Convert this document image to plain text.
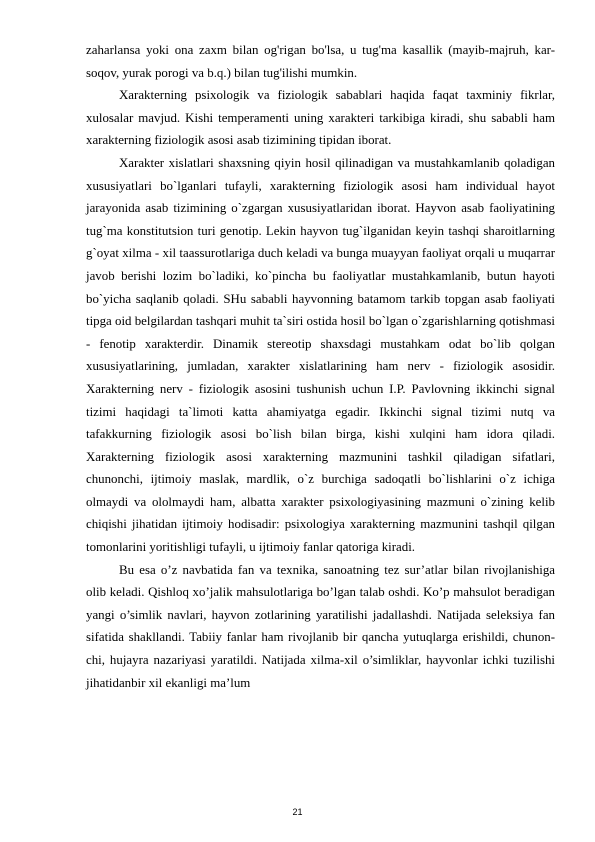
zaharlansa yoki ona zaxm bilan og'rigan bo'lsa, u tug'ma kasallik (mayib-majruh, kar-soqov, yurak porogi va b.q.) bilan tug'ilishi mumkin.

Xarakterning psixologik va fiziologik sabablari haqida faqat taxminiy fikrlar, xulosalar mavjud. Kishi temperamenti uning xarakteri tarkibiga kiradi, shu sababli ham xarakterning fiziologik asosi asab tizimining tipidan iborat.

Xarakter xislatlari shaxsning qiyin hosil qilinadigan va mustahkamlanib qoladigan xususiyatlari bo`lganlari tufayli, xarakterning fiziologik asosi ham individual hayot jarayonida asab tizimining o`zgargan xususiyatlaridan iborat. Hayvon asab faoliyatining tug`ma konstitutsion turi genotip. Lekin hayvon tug`ilganidan keyin tashqi sharoitlarning g`oyat xilma - xil taassurotlariga duch keladi va bunga muayyan faoliyat orqali u muqarrar javob berishi lozim bo`ladiki, ko`pincha bu faoliyatlar mustahkamlanib, butun hayoti bo`yicha saqlanib qoladi. SHu sababli hayvonning batamom tarkib topgan asab faoliyati tipga oid belgilardan tashqari muhit ta`siri ostida hosil bo`lgan o`zgarishlarning qotishmasi - fenotip xarakterdir. Dinamik stereotip shaxsdagi mustahkam odat bo`lib qolgan xususiyatlarining, jumladan, xarakter xislatlarining ham nerv - fiziologik asosidir. Xarakterning nerv - fiziologik asosini tushunish uchun I.P. Pavlovning ikkinchi signal tizimi haqidagi ta`limoti katta ahamiyatga egadir. Ikkinchi signal tizimi nutq va tafakkurning fiziologik asosi bo`lish bilan birga, kishi xulqini ham idora qiladi. Xarakterning fiziologik asosi xarakterning mazmunini tashkil qiladigan sifatlari, chunonchi, ijtimoiy maslak, mardlik, o`z burchiga sadoqatli bo`lishlarini o`z ichiga olmaydi va ololmaydi ham, albatta xarakter psixologiyasining mazmuni o`zining kelib chiqishi jihatidan ijtimoiy hodisadir: psixologiya xarakterning mazmunini tashqil qilgan tomonlarini yoritishligi tufayli, u ijtimoiy fanlar qatoriga kiradi.

Bu esa o’z navbatida fan va texnika, sanoatning tez sur’atlar bilan rivojlanishiga olib keladi. Qishloq xo’jalik mahsulotlariga bo’lgan talab oshdi. Ko’p mahsulot beradigan yangi o’simlik navlari, hayvon zotlarining yaratilishi jadallashdi. Natijada seleksiya fan sifatida shakllandi. Tabiiy fanlar ham rivojlanib bir qancha yutuqlarga erishildi, chunon-chi, hujayra nazariyasi yaratildi. Natijada xilma-xil o’simliklar, hayvonlar ichki tuzilishi jihatidanbir xil ekanligi ma’lum

21
